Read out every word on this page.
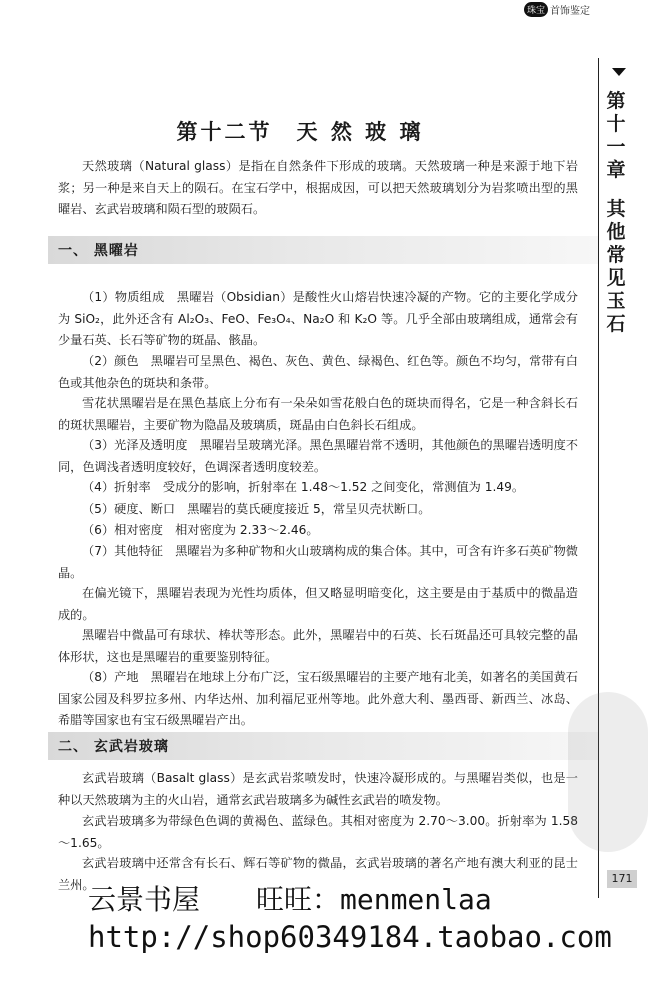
珠宝 首饰鉴定
第
十
一
章
其
他
常
见
玉
石
第十二节　天 然 玻 璃
天然玻璃（Natural glass）是指在自然条件下形成的玻璃。天然玻璃一种是来源于地下岩浆；另一种是来自天上的陨石。在宝石学中，根据成因，可以把天然玻璃划分为岩浆喷出型的黑曜岩、玄武岩玻璃和陨石型的玻陨石。
一、 黑曜岩
（1）物质组成　黑曜岩（Obsidian）是酸性火山熔岩快速冷凝的产物。它的主要化学成分为 SiO₂，此外还含有 Al₂O₃、FeO、Fe₃O₄、Na₂O 和 K₂O 等。几乎全部由玻璃组成，通常会有少量石英、长石等矿物的斑晶、骸晶。
（2）颜色　黑曜岩可呈黑色、褐色、灰色、黄色、绿褐色、红色等。颜色不均匀，常带有白色或其他杂色的斑块和条带。
雪花状黑曜岩是在黑色基底上分布有一朵朵如雪花般白色的斑块而得名，它是一种含斜长石的斑状黑曜岩，主要矿物为隐晶及玻璃质，斑晶由白色斜长石组成。
（3）光泽及透明度　黑曜岩呈玻璃光泽。黑色黑曜岩常不透明，其他颜色的黑曜岩透明度不同，色调浅者透明度较好，色调深者透明度较差。
（4）折射率　受成分的影响，折射率在 1.48～1.52 之间变化，常测值为 1.49。
（5）硬度、断口　黑曜岩的莫氏硬度接近 5，常呈贝壳状断口。
（6）相对密度　相对密度为 2.33～2.46。
（7）其他特征　黑曜岩为多种矿物和火山玻璃构成的集合体。其中，可含有许多石英矿物微晶。
在偏光镜下，黑曜岩表现为光性均质体，但又略显明暗变化，这主要是由于基质中的微晶造成的。
黑曜岩中微晶可有球状、棒状等形态。此外，黑曜岩中的石英、长石斑晶还可具较完整的晶体形状，这也是黑曜岩的重要鉴别特征。
（8）产地　黑曜岩在地球上分布广泛，宝石级黑曜岩的主要产地有北美，如著名的美国黄石国家公园及科罗拉多州、内华达州、加利福尼亚州等地。此外意大利、墨西哥、新西兰、冰岛、希腊等国家也有宝石级黑曜岩产出。
二、 玄武岩玻璃
玄武岩玻璃（Basalt glass）是玄武岩浆喷发时，快速冷凝形成的。与黑曜岩类似，也是一种以天然玻璃为主的火山岩，通常玄武岩玻璃多为碱性玄武岩的喷发物。
玄武岩玻璃多为带绿色色调的黄褐色、蓝绿色。其相对密度为 2.70～3.00。折射率为 1.58～1.65。
玄武岩玻璃中还常含有长石、辉石等矿物的微晶，玄武岩玻璃的著名产地有澳大利亚的昆士兰州。	171
云景书屋　　旺旺：menmenlaa
http://shop60349184.taobao.com
